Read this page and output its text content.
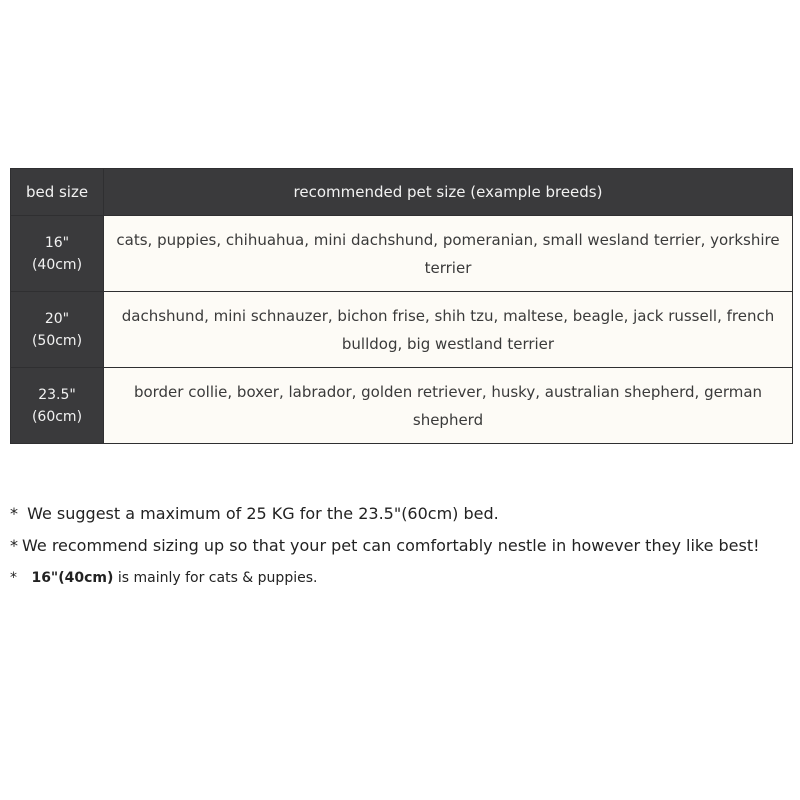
bed size	recommended pet size (example breeds)

16"
(40cm)	cats, puppies, chihuahua, mini dachshund, pomeranian, small wesland terrier, yorkshire terrier

20"
(50cm)	dachshund, mini schnauzer, bichon frise, shih tzu, maltese, beagle, jack russell, french bulldog, big westland terrier

23.5"
(60cm)	border collie, boxer, labrador, golden retriever, husky, australian shepherd, german shepherd

* We suggest a maximum of 25 KG for the 23.5"(60cm) bed.

* We recommend sizing up so that your pet can comfortably nestle in however they like best!

* 16"(40cm) is mainly for cats & puppies.
